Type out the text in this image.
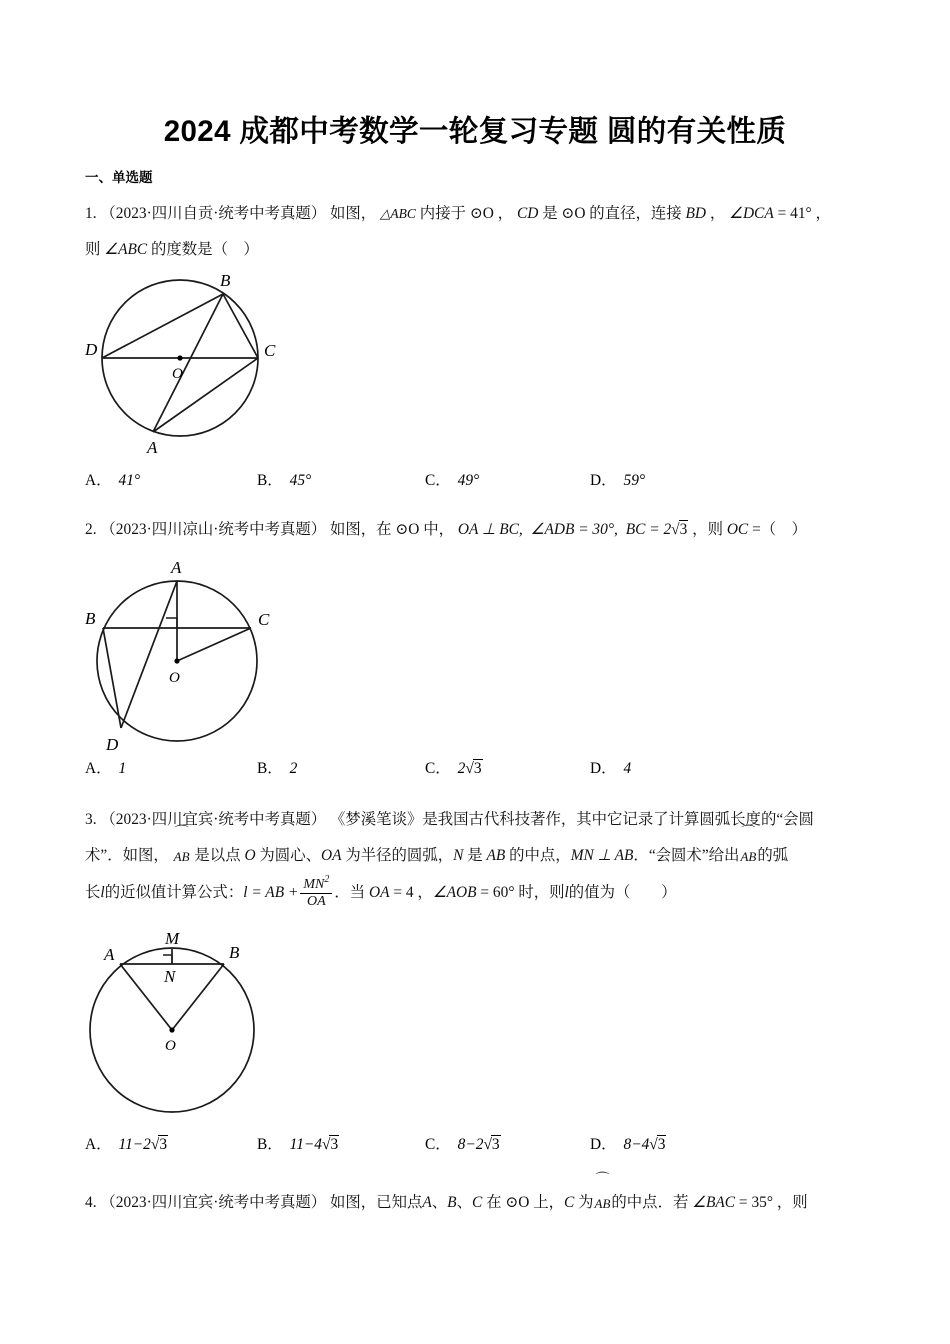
2024 成都中考数学一轮复习专题 圆的有关性质
一、单选题
1. （2023·四川自贡·统考中考真题） 如图， △ABC 内接于 ⊙O ， CD 是 ⊙O 的直径，连接 BD ， ∠DCA = 41° ，
则 ∠ABC 的度数是（　）
B
D	C
A
O
A． 41°	B． 45°	C． 49°	D． 59°
2. （2023·四川凉山·统考中考真题） 如图，在 ⊙O 中， OA ⊥ BC, ∠ADB = 30°, BC = 2√3 ，则 OC =（　）
A
B	C
D
O
A． 1	B． 2	C． 2√3	D． 4
3. （2023·四川宜宾·统考中考真题） 《梦溪笔谈》是我国古代科技著作，其中它记录了计算圆弧长度的“会圆
术”．如图，
⌒
AB 是以点 O 为圆心、OA 为半径的圆弧，N 是 AB 的中点，MN ⊥ AB．“会圆术”给出
⌒
AB的弧
长l的近似值计算公式：l = AB + $\frac{MN^2}{OA}$ ．当 OA = 4 ，∠AOB = 60° 时，则l的值为（　　）
M
A	B
N
O
A． 11−2√3	B． 11−4√3	C． 8−2√3	D． 8−4√3
4. （2023·四川宜宾·统考中考真题） 如图，已知点A、B、C 在 ⊙O 上，C 为
⌒
AB的中点．若 ∠BAC = 35° ，则
